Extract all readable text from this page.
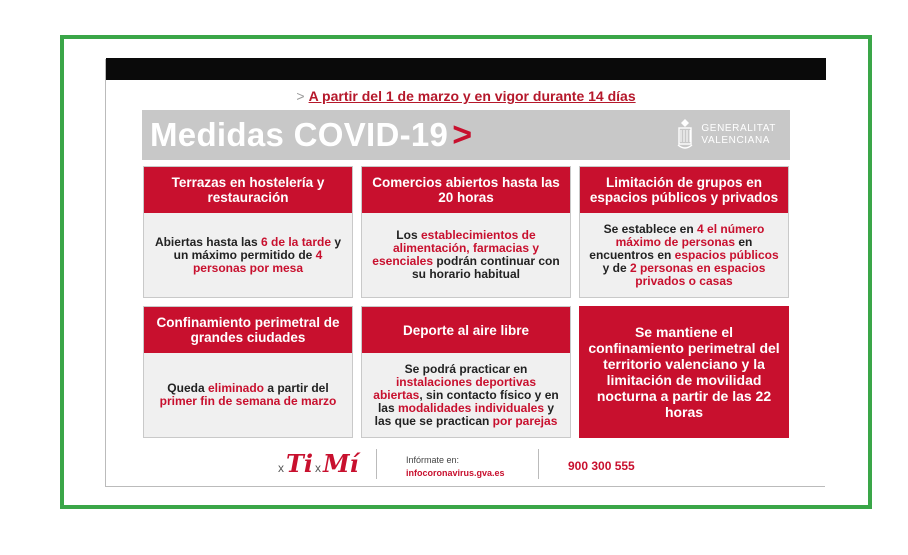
> A partir del 1 de marzo y en vigor durante 14 días
Medidas COVID-19 >	GENERALITAT
VALENCIANA
Terrazas en hostelería y restauración
Abiertas hasta las 6 de la tarde y un máximo permitido de 4 personas por mesa
Comercios abiertos hasta las 20 horas
Los establecimientos de alimentación, farmacias y esenciales podrán continuar con su horario habitual
Limitación de grupos en espacios públicos y privados
Se establece en 4 el número máximo de personas en encuentros en espacios públicos y de 2 personas en espacios privados o casas
Confinamiento perimetral de grandes ciudades
Queda eliminado a partir del primer fin de semana de marzo
Deporte al aire libre
Se podrá practicar en instalaciones deportivas abiertas, sin contacto físico y en las modalidades individuales y las que se practican por parejas
Se mantiene el confinamiento perimetral del territorio valenciano y la limitación de movilidad nocturna a partir de las 22 horas
xTi xMí	Infórmate en:
infocoronavirus.gva.es	900 300 555
